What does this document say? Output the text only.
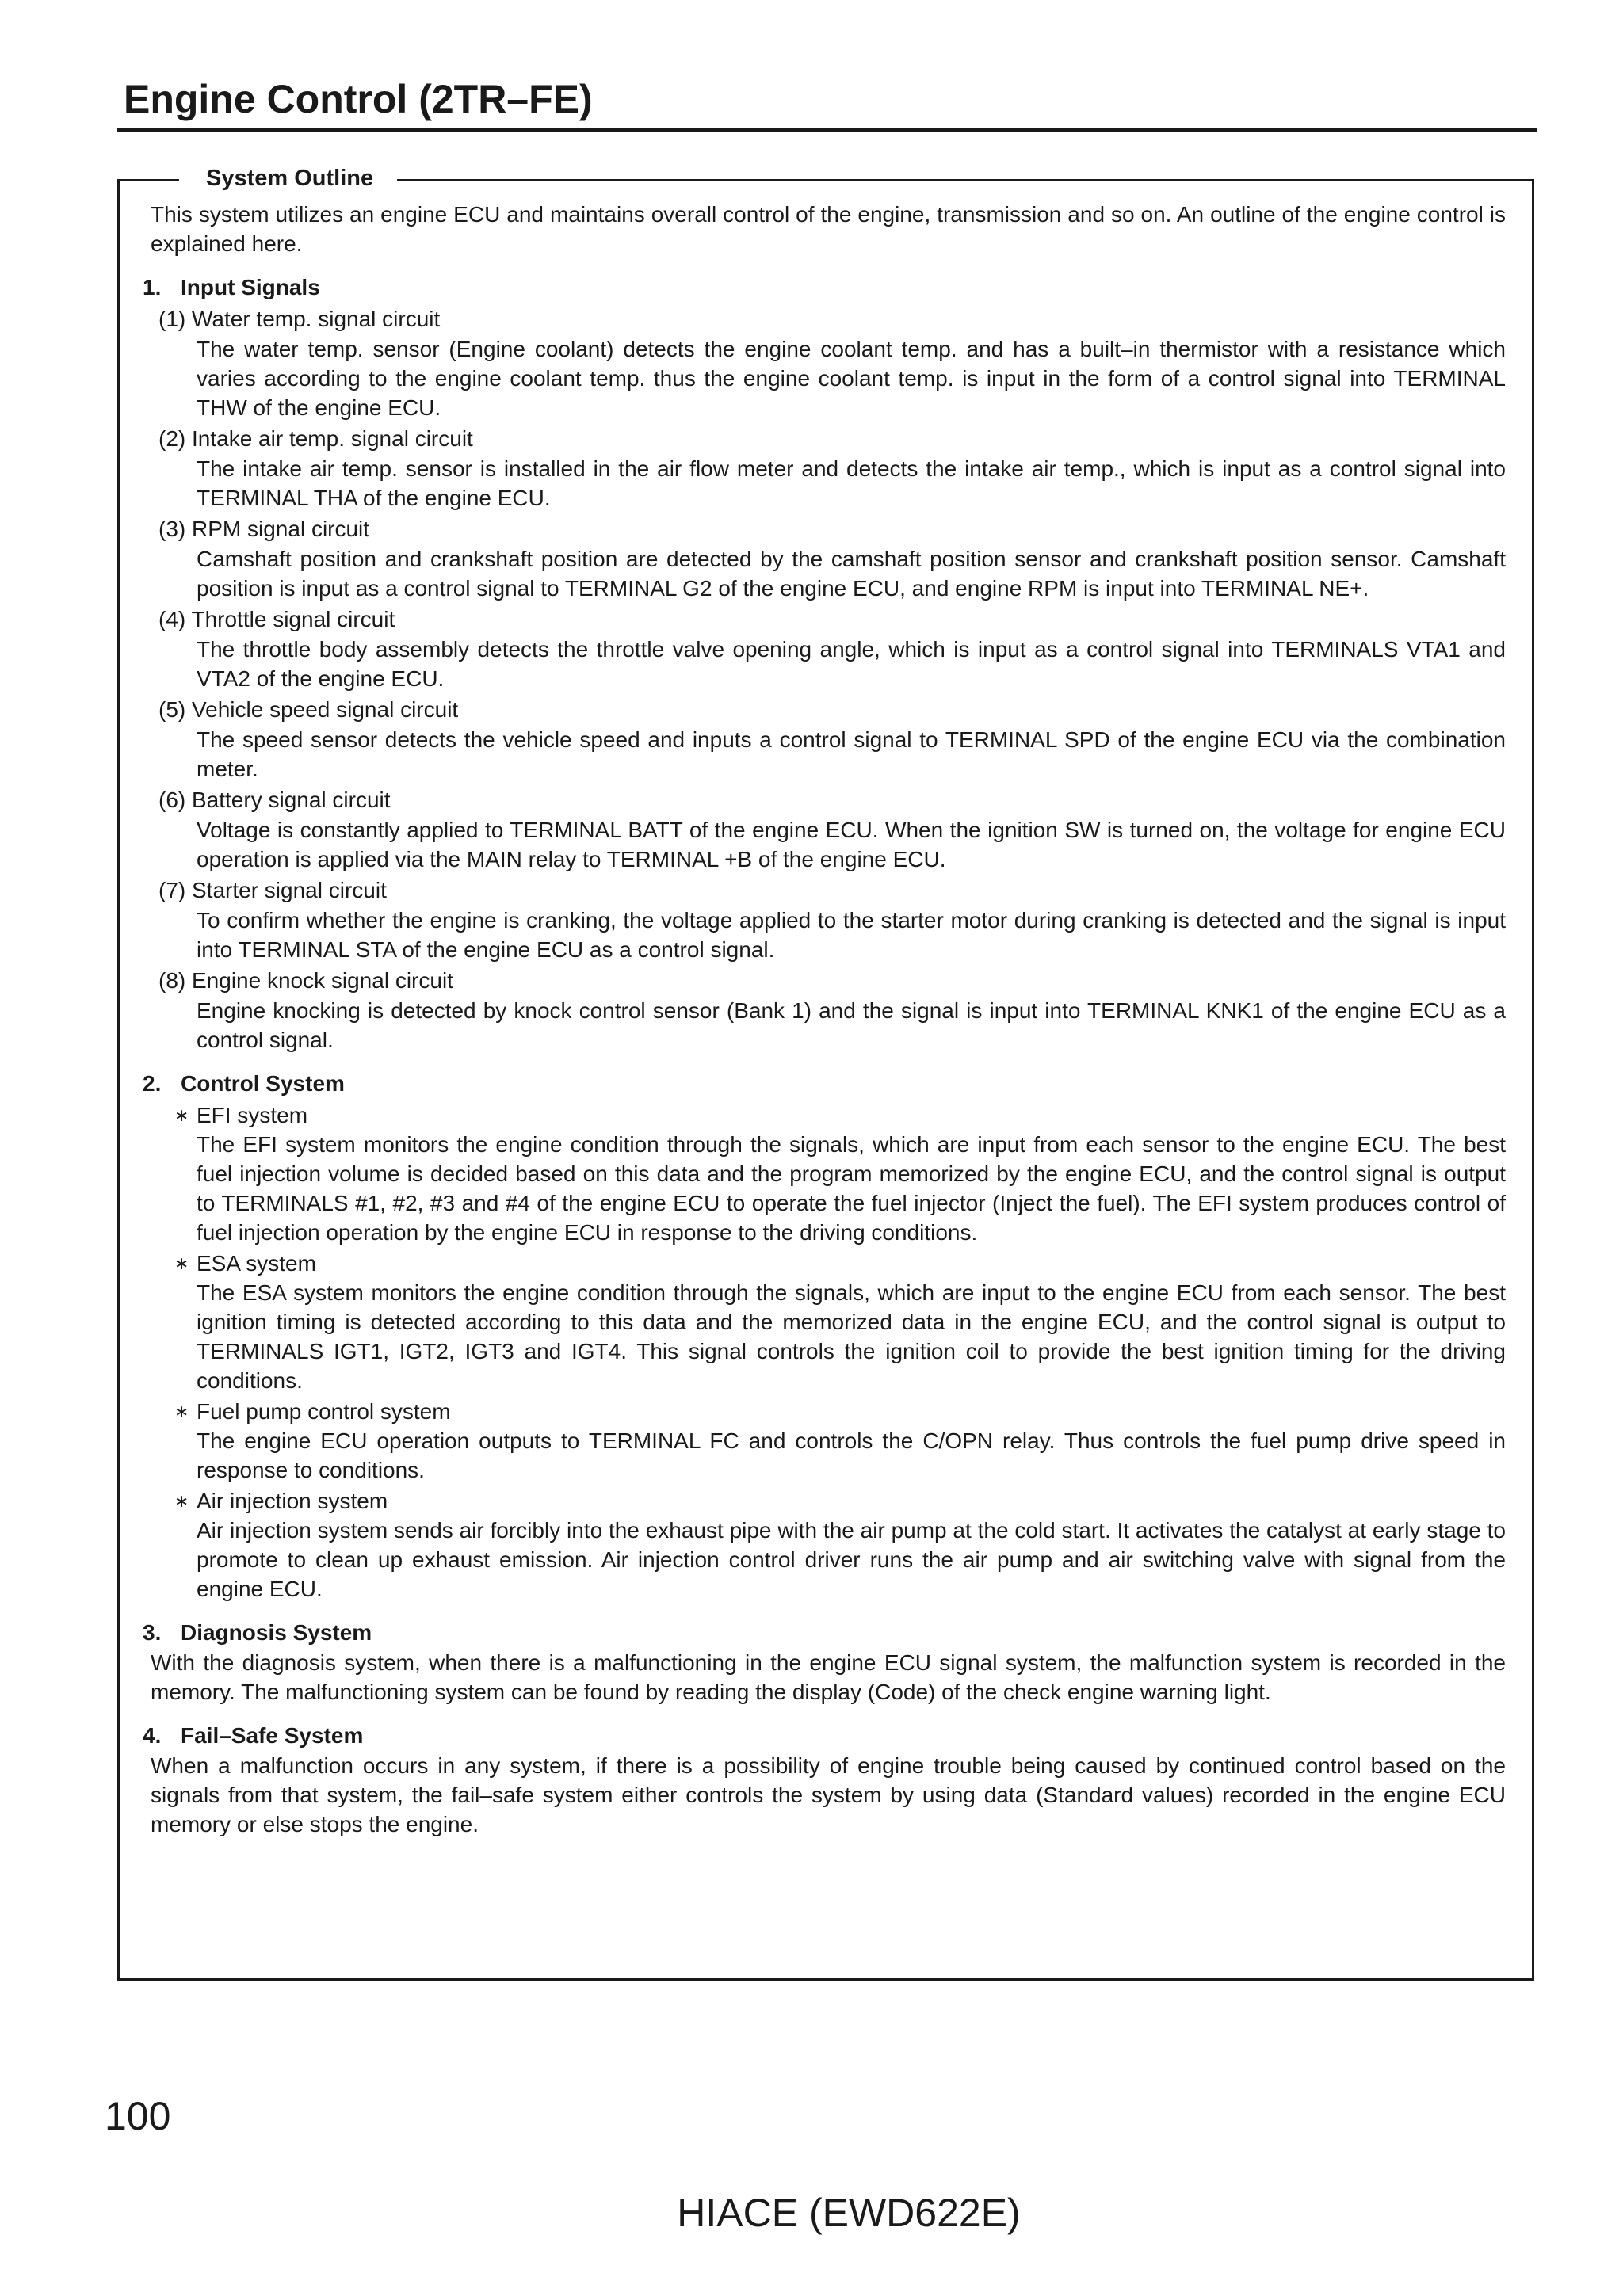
Engine Control (2TR–FE)
System Outline

This system utilizes an engine ECU and maintains overall control of the engine, transmission and so on. An outline of the engine control is explained here.

1. Input Signals
(1) Water temp. signal circuit

The water temp. sensor (Engine coolant) detects the engine coolant temp. and has a built–in thermistor with a resistance which varies according to the engine coolant temp. thus the engine coolant temp. is input in the form of a control signal into TERMINAL THW of the engine ECU.

(2) Intake air temp. signal circuit

The intake air temp. sensor is installed in the air flow meter and detects the intake air temp., which is input as a control signal into TERMINAL THA of the engine ECU.

(3) RPM signal circuit

Camshaft position and crankshaft position are detected by the camshaft position sensor and crankshaft position sensor. Camshaft position is input as a control signal to TERMINAL G2 of the engine ECU, and engine RPM is input into TERMINAL NE+.

(4) Throttle signal circuit

The throttle body assembly detects the throttle valve opening angle, which is input as a control signal into TERMINALS VTA1 and VTA2 of the engine ECU.

(5) Vehicle speed signal circuit

The speed sensor detects the vehicle speed and inputs a control signal to TERMINAL SPD of the engine ECU via the combination meter.

(6) Battery signal circuit

Voltage is constantly applied to TERMINAL BATT of the engine ECU. When the ignition SW is turned on, the voltage for engine ECU operation is applied via the MAIN relay to TERMINAL +B of the engine ECU.

(7) Starter signal circuit

To confirm whether the engine is cranking, the voltage applied to the starter motor during cranking is detected and the signal is input into TERMINAL STA of the engine ECU as a control signal.

(8) Engine knock signal circuit

Engine knocking is detected by knock control sensor (Bank 1) and the signal is input into TERMINAL KNK1 of the engine ECU as a control signal.

2. Control System
∗ EFI system

The EFI system monitors the engine condition through the signals, which are input from each sensor to the engine ECU. The best fuel injection volume is decided based on this data and the program memorized by the engine ECU, and the control signal is output to TERMINALS #1, #2, #3 and #4 of the engine ECU to operate the fuel injector (Inject the fuel). The EFI system produces control of fuel injection operation by the engine ECU in response to the driving conditions.

∗ ESA system

The ESA system monitors the engine condition through the signals, which are input to the engine ECU from each sensor. The best ignition timing is detected according to this data and the memorized data in the engine ECU, and the control signal is output to TERMINALS IGT1, IGT2, IGT3 and IGT4. This signal controls the ignition coil to provide the best ignition timing for the driving conditions.

∗ Fuel pump control system

The engine ECU operation outputs to TERMINAL FC and controls the C/OPN relay. Thus controls the fuel pump drive speed in response to conditions.

∗ Air injection system

Air injection system sends air forcibly into the exhaust pipe with the air pump at the cold start. It activates the catalyst at early stage to promote to clean up exhaust emission. Air injection control driver runs the air pump and air switching valve with signal from the engine ECU.

3. Diagnosis System

With the diagnosis system, when there is a malfunctioning in the engine ECU signal system, the malfunction system is recorded in the memory. The malfunctioning system can be found by reading the display (Code) of the check engine warning light.

4. Fail–Safe System

When a malfunction occurs in any system, if there is a possibility of engine trouble being caused by continued control based on the signals from that system, the fail–safe system either controls the system by using data (Standard values) recorded in the engine ECU memory or else stops the engine.

100
HIACE (EWD622E)
